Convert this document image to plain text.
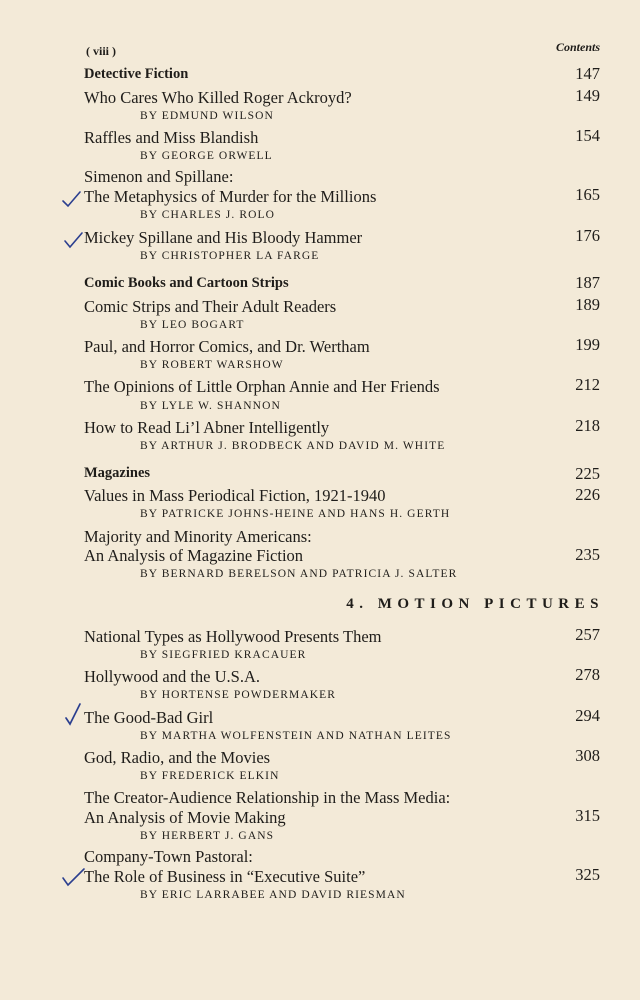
( viii )	Contents
Detective Fiction	147
Who Cares Who Killed Roger Ackroyd?	149
BY EDMUND WILSON
Raffles and Miss Blandish	154
BY GEORGE ORWELL
Simenon and Spillane:
The Metaphysics of Murder for the Millions	165
BY CHARLES J. ROLO
Mickey Spillane and His Bloody Hammer	176
BY CHRISTOPHER LA FARGE
Comic Books and Cartoon Strips	187
Comic Strips and Their Adult Readers	189
BY LEO BOGART
Paul, and Horror Comics, and Dr. Wertham	199
BY ROBERT WARSHOW
The Opinions of Little Orphan Annie and Her Friends	212
BY LYLE W. SHANNON
How to Read Li’l Abner Intelligently	218
BY ARTHUR J. BRODBECK AND DAVID M. WHITE
Magazines	225
Values in Mass Periodical Fiction, 1921-1940	226
BY PATRICKE JOHNS-HEINE AND HANS H. GERTH
Majority and Minority Americans:
An Analysis of Magazine Fiction	235
BY BERNARD BERELSON AND PATRICIA J. SALTER
4. MOTION PICTURES
National Types as Hollywood Presents Them	257
BY SIEGFRIED KRACAUER
Hollywood and the U.S.A.	278
BY HORTENSE POWDERMAKER
The Good-Bad Girl	294
BY MARTHA WOLFENSTEIN AND NATHAN LEITES
God, Radio, and the Movies	308
BY FREDERICK ELKIN
The Creator-Audience Relationship in the Mass Media:
An Analysis of Movie Making	315
BY HERBERT J. GANS
Company-Town Pastoral:
The Role of Business in “Executive Suite”	325
BY ERIC LARRABEE AND DAVID RIESMAN
